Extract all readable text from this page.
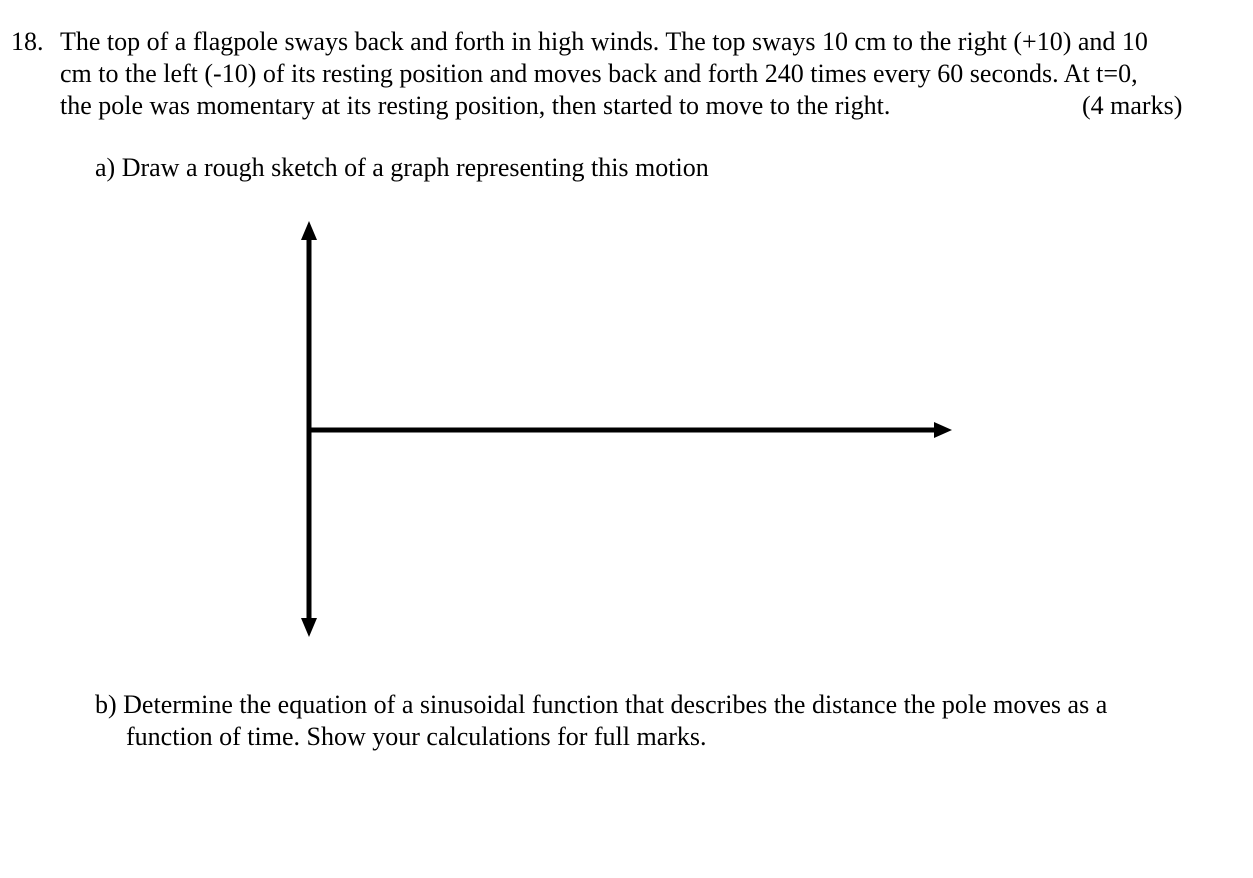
18. The top of a flagpole sways back and forth in high winds. The top sways 10 cm to the right (+10) and 10
cm to the left (-10) of its resting position and moves back and forth 240 times every 60 seconds. At t=0,
the pole was momentary at its resting position, then started to move to the right.	(4 marks)
a) Draw a rough sketch of a graph representing this motion
b) Determine the equation of a sinusoidal function that describes the distance the pole moves as a
function of time. Show your calculations for full marks.
